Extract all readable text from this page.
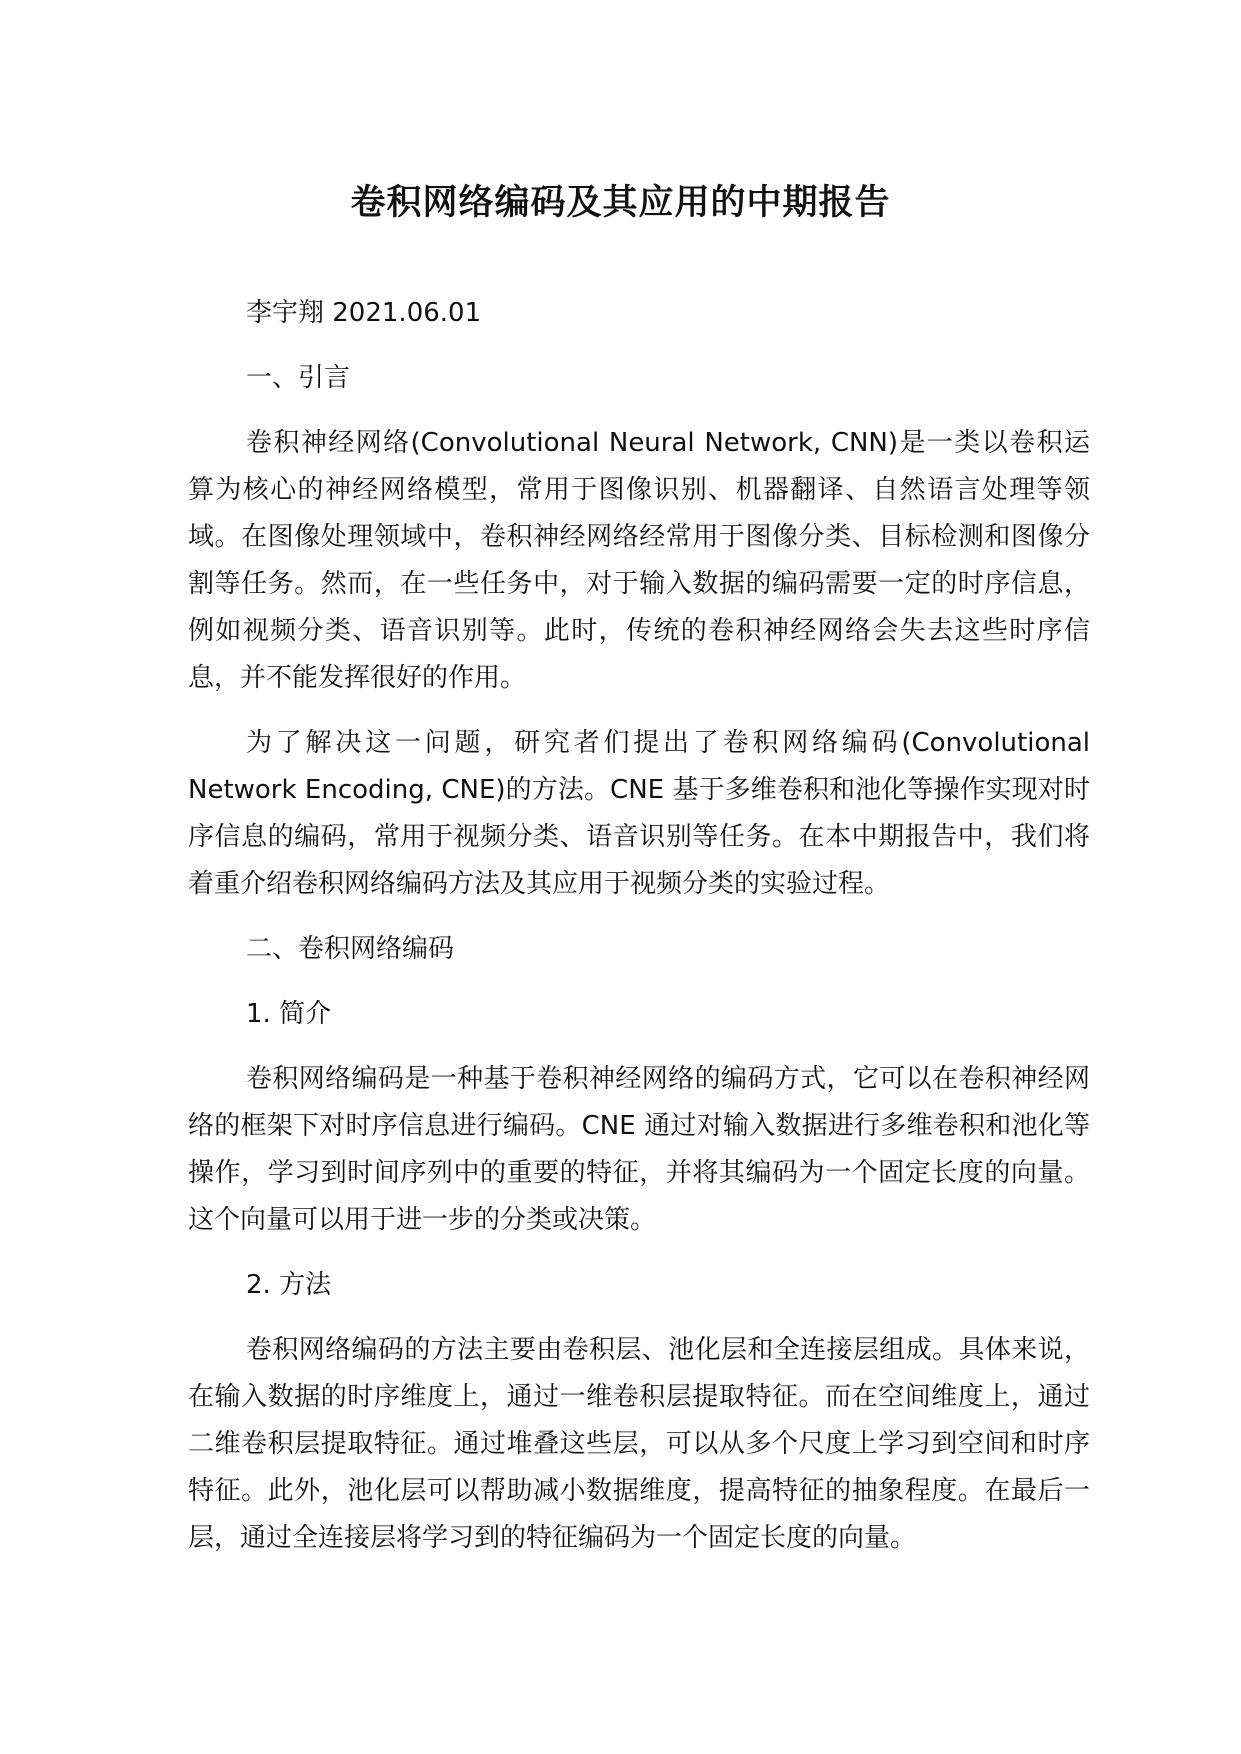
卷积网络编码及其应用的中期报告

李宇翔 2021.06.01

一、引言

卷积神经网络(Convolutional Neural Network, CNN)是一类以卷积运算为核心的神经网络模型，常用于图像识别、机器翻译、自然语言处理等领域。在图像处理领域中，卷积神经网络经常用于图像分类、目标检测和图像分割等任务。然而，在一些任务中，对于输入数据的编码需要一定的时序信息，例如视频分类、语音识别等。此时，传统的卷积神经网络会失去这些时序信息，并不能发挥很好的作用。

为了解决这一问题，研究者们提出了卷积网络编码(Convolutional Network Encoding, CNE)的方法。CNE 基于多维卷积和池化等操作实现对时序信息的编码，常用于视频分类、语音识别等任务。在本中期报告中，我们将着重介绍卷积网络编码方法及其应用于视频分类的实验过程。

二、卷积网络编码

1. 简介

卷积网络编码是一种基于卷积神经网络的编码方式，它可以在卷积神经网络的框架下对时序信息进行编码。CNE 通过对输入数据进行多维卷积和池化等操作，学习到时间序列中的重要的特征，并将其编码为一个固定长度的向量。这个向量可以用于进一步的分类或决策。

2. 方法

卷积网络编码的方法主要由卷积层、池化层和全连接层组成。具体来说，在输入数据的时序维度上，通过一维卷积层提取特征。而在空间维度上，通过二维卷积层提取特征。通过堆叠这些层，可以从多个尺度上学习到空间和时序特征。此外，池化层可以帮助减小数据维度，提高特征的抽象程度。在最后一层，通过全连接层将学习到的特征编码为一个固定长度的向量。
